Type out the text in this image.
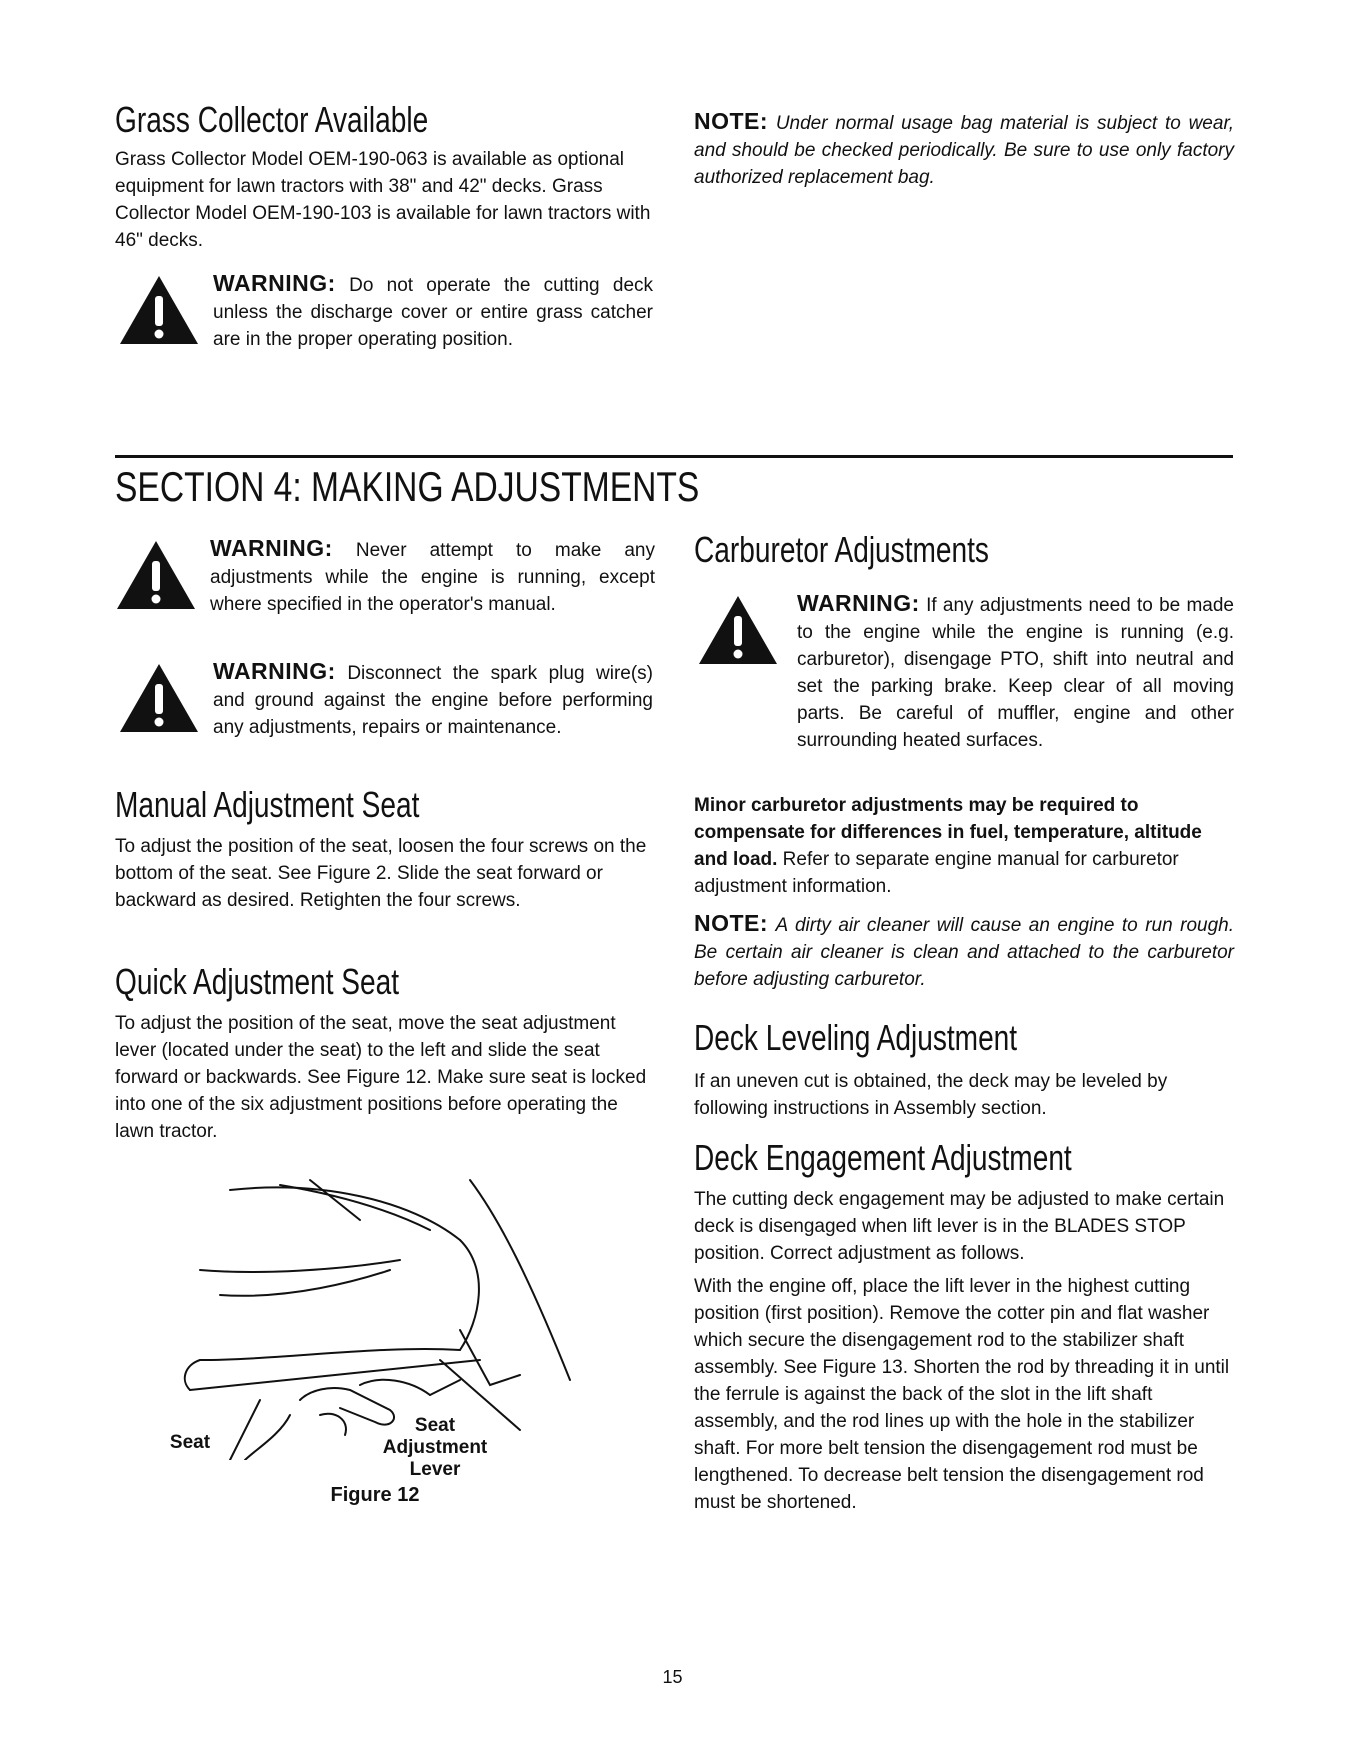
Grass Collector Available

Grass Collector Model OEM-190-063 is available as optional equipment for lawn tractors with 38" and 42" decks. Grass Collector Model OEM-190-103 is available for lawn tractors with 46" decks.

WARNING: Do not operate the cutting deck unless the discharge cover or entire grass catcher are in the proper operating position.

NOTE: Under normal usage bag material is subject to wear, and should be checked periodically. Be sure to use only factory authorized replacement bag.

SECTION 4: MAKING ADJUSTMENTS
WARNING: Never attempt to make any adjustments while the engine is running, except where specified in the operator's manual.
WARNING: Disconnect the spark plug wire(s) and ground against the engine before performing any adjustments, repairs or maintenance.
Manual Adjustment Seat

To adjust the position of the seat, loosen the four screws on the bottom of the seat. See Figure 2. Slide the seat forward or backward as desired. Retighten the four screws.

Quick Adjustment Seat

To adjust the position of the seat, move the seat adjustment lever (located under the seat) to the left and slide the seat forward or backwards. See Figure 12. Make sure seat is locked into one of the six adjustment positions before operating the lawn tractor.

Seat
Seat
Adjustment
Lever
Figure 12
Carburetor Adjustments
WARNING: If any adjustments need to be made to the engine while the engine is running (e.g. carburetor), disengage PTO, shift into neutral and set the parking brake. Keep clear of all moving parts. Be careful of muffler, engine and other surrounding heated surfaces.

Minor carburetor adjustments may be required to compensate for differences in fuel, temperature, altitude and load. Refer to separate engine manual for carburetor adjustment information.

NOTE: A dirty air cleaner will cause an engine to run rough. Be certain air cleaner is clean and attached to the carburetor before adjusting carburetor.

Deck Leveling Adjustment

If an uneven cut is obtained, the deck may be leveled by following instructions in Assembly section.

Deck Engagement Adjustment

The cutting deck engagement may be adjusted to make certain deck is disengaged when lift lever is in the BLADES STOP position. Correct adjustment as follows.

With the engine off, place the lift lever in the highest cutting position (first position). Remove the cotter pin and flat washer which secure the disengagement rod to the stabilizer shaft assembly. See Figure 13. Shorten the rod by threading it in until the ferrule is against the back of the slot in the lift shaft assembly, and the rod lines up with the hole in the stabilizer shaft. For more belt tension the disengagement rod must be lengthened. To decrease belt tension the disengagement rod must be shortened.

15
